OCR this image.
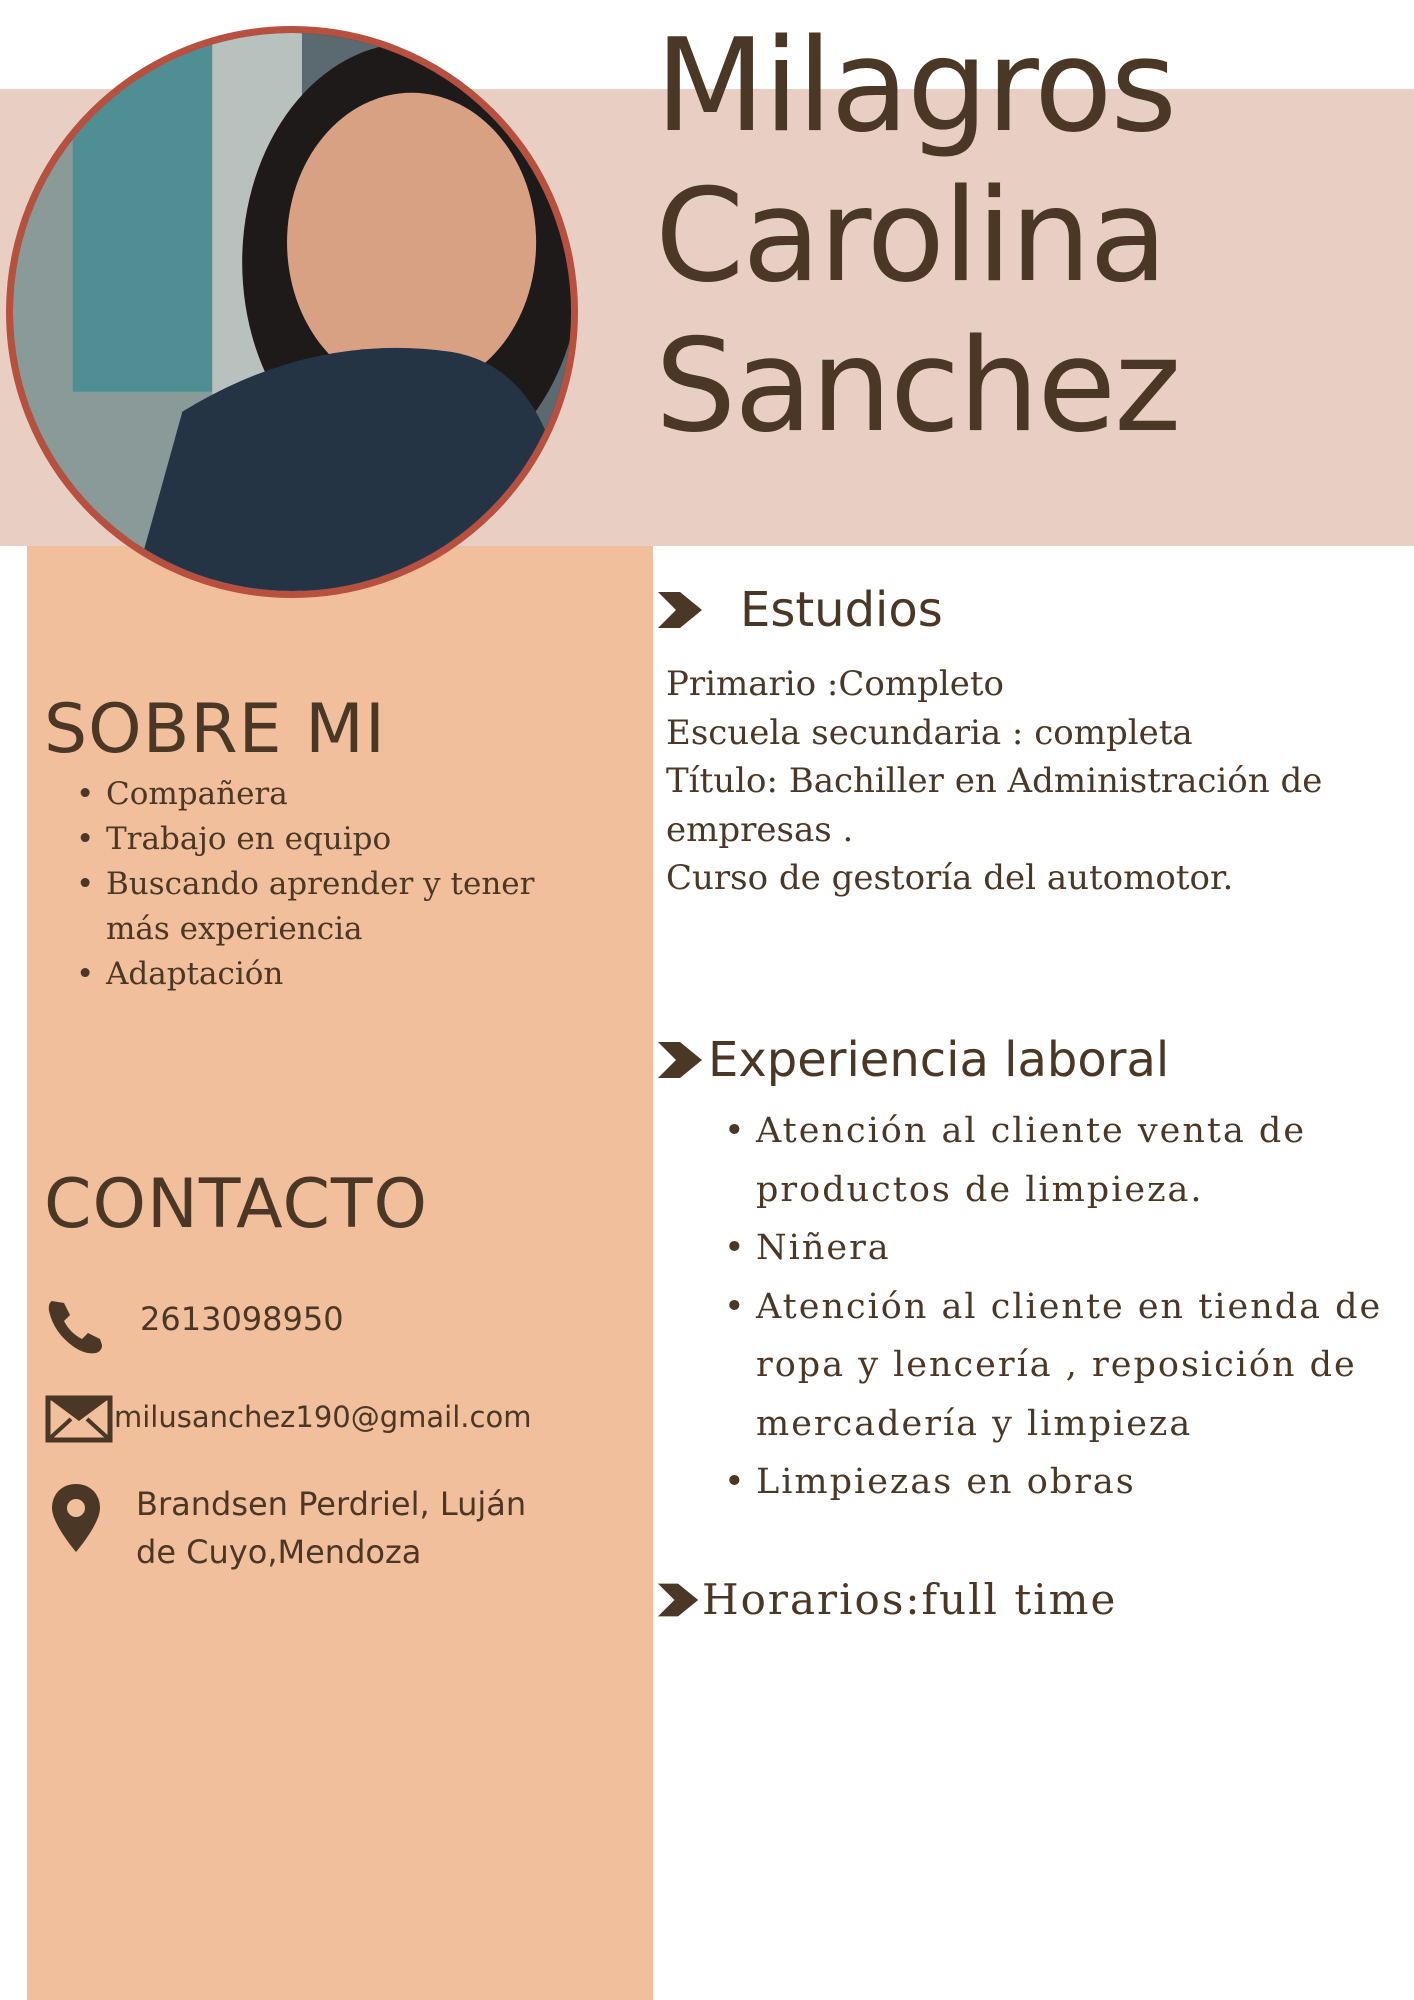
Milagros
Carolina
Sanchez
SOBRE MI
• Compañera
• Trabajo en equipo
• Buscando aprender y tener más experiencia
• Adaptación
CONTACTO
2613098950
milusanchez190@gmail.com
Brandsen Perdriel, Luján de Cuyo,Mendoza
Estudios
Primario :Completo
Escuela secundaria : completa
Título: Bachiller en Administración de empresas .
Curso de gestoría del automotor.
Experiencia laboral
• Atención al cliente venta de productos de limpieza.
• Niñera
• Atención al cliente en tienda de ropa y lencería , reposición de mercadería y limpieza
• Limpiezas en obras
Horarios:full time
